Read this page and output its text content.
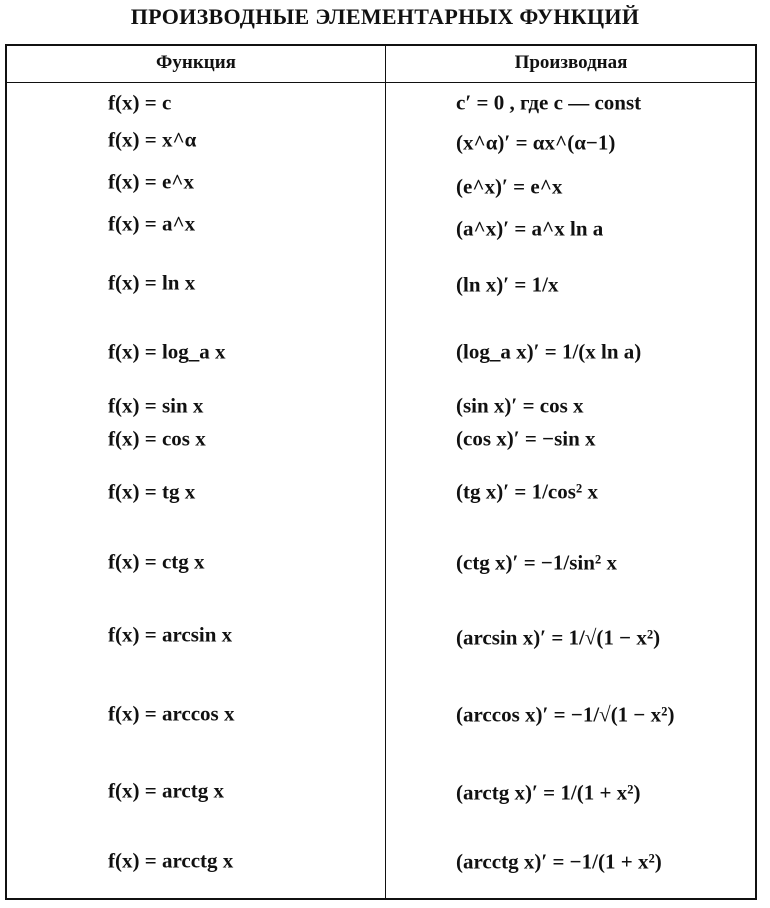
ПРОИЗВОДНЫЕ ЭЛЕМЕНТАРНЫХ ФУНКЦИЙ
Функция	Производная
f(x) = c	c′ = 0 , где c — const
f(x) = x^α	(x^α)′ = αx^(α−1)
f(x) = e^x	(e^x)′ = e^x
f(x) = a^x	(a^x)′ = a^x ln a
f(x) = ln x	(ln x)′ = 1/x
f(x) = log_a x	(log_a x)′ = 1/(x ln a)
f(x) = sin x	(sin x)′ = cos x
f(x) = cos x	(cos x)′ = −sin x
f(x) = tg x	(tg x)′ = 1/cos² x
f(x) = ctg x	(ctg x)′ = −1/sin² x
f(x) = arcsin x	(arcsin x)′ = 1/√(1 − x²)
f(x) = arccos x	(arccos x)′ = −1/√(1 − x²)
f(x) = arctg x	(arctg x)′ = 1/(1 + x²)
f(x) = arcctg x	(arcctg x)′ = −1/(1 + x²)
